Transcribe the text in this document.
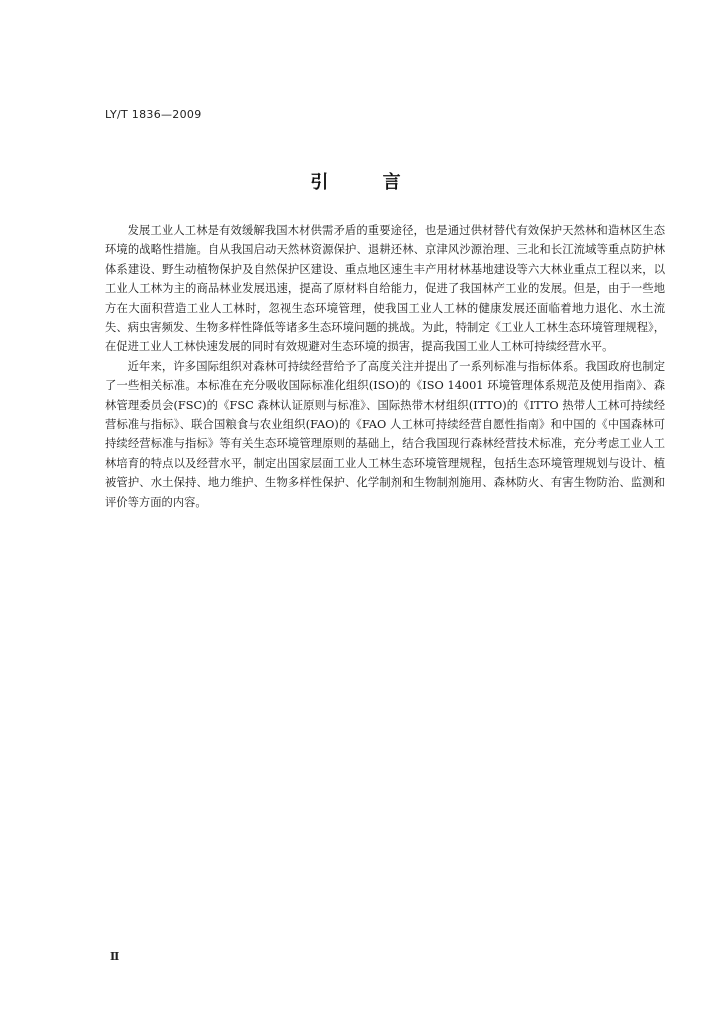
LY/T 1836—2009
引 言

发展工业人工林是有效缓解我国木材供需矛盾的重要途径，也是通过供材替代有效保护天然林和造林区生态环境的战略性措施。自从我国启动天然林资源保护、退耕还林、京津风沙源治理、三北和长江流域等重点防护林体系建设、野生动植物保护及自然保护区建设、重点地区速生丰产用材林基地建设等六大林业重点工程以来，以工业人工林为主的商品林业发展迅速，提高了原材料自给能力，促进了我国林产工业的发展。但是，由于一些地方在大面积营造工业人工林时，忽视生态环境管理，使我国工业人工林的健康发展还面临着地力退化、水土流失、病虫害频发、生物多样性降低等诸多生态环境问题的挑战。为此，特制定《工业人工林生态环境管理规程》，在促进工业人工林快速发展的同时有效规避对生态环境的损害，提高我国工业人工林可持续经营水平。

近年来，许多国际组织对森林可持续经营给予了高度关注并提出了一系列标准与指标体系。我国政府也制定了一些相关标准。本标准在充分吸收国际标准化组织(ISO)的《ISO 14001 环境管理体系规范及使用指南》、森林管理委员会(FSC)的《FSC 森林认证原则与标准》、国际热带木材组织(ITTO)的《ITTO 热带人工林可持续经营标准与指标》、联合国粮食与农业组织(FAO)的《FAO 人工林可持续经营自愿性指南》和中国的《中国森林可持续经营标准与指标》等有关生态环境管理原则的基础上，结合我国现行森林经营技术标准，充分考虑工业人工林培育的特点以及经营水平，制定出国家层面工业人工林生态环境管理规程，包括生态环境管理规划与设计、植被管护、水土保持、地力维护、生物多样性保护、化学制剂和生物制剂施用、森林防火、有害生物防治、监测和评价等方面的内容。

Ⅱ
